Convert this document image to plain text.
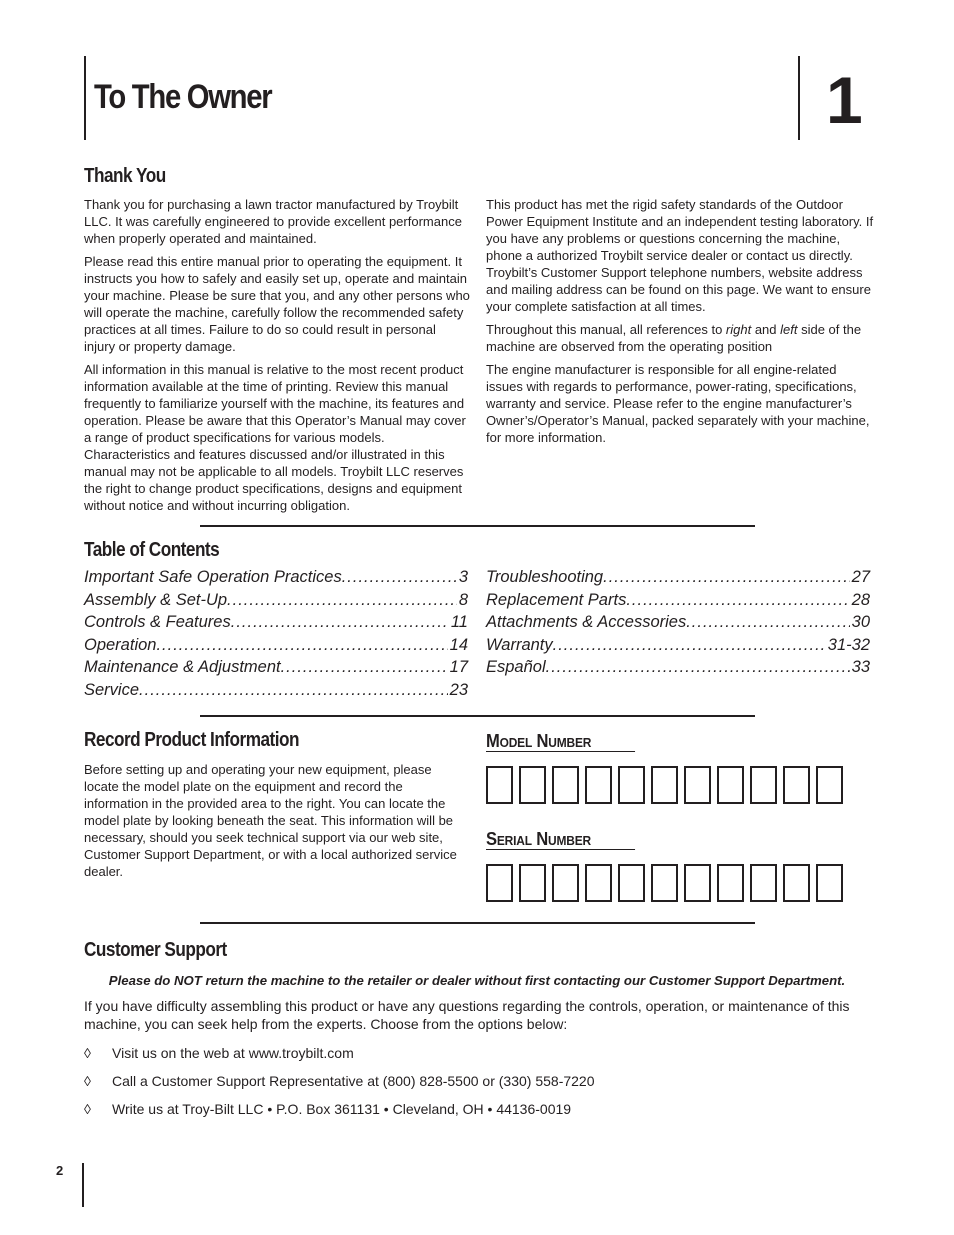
To The Owner	1
Thank You

Thank you for purchasing a lawn tractor manufactured by Troybilt LLC. It was carefully engineered to provide excellent performance when properly operated and maintained.

Please read this entire manual prior to operating the equipment. It instructs you how to safely and easily set up, operate and maintain your machine. Please be sure that you, and any other persons who will operate the machine, carefully follow the recommended safety practices at all times. Failure to do so could result in personal injury or property damage.

All information in this manual is relative to the most recent product information available at the time of printing. Review this manual frequently to familiarize yourself with the machine, its features and operation. Please be aware that this Operator’s Manual may cover a range of product specifications for various models. Characteristics and features discussed and/or illustrated in this manual may not be applicable to all models. Troybilt LLC reserves the right to change product specifications, designs and equipment without notice and without incurring obligation.

This product has met the rigid safety standards of the Outdoor Power Equipment Institute and an independent testing laboratory. If you have any problems or questions concerning the machine, phone a authorized Troybilt service dealer or contact us directly. Troybilt’s Customer Support telephone numbers, website address and mailing address can be found on this page. We want to ensure your complete satisfaction at all times.

Throughout this manual, all references to right and left side of the machine are observed from the operating position

The engine manufacturer is responsible for all engine-related issues with regards to performance, power-rating, specifications, warranty and service. Please refer to the engine manufacturer’s Owner’s/Operator’s Manual, packed separately with your machine, for more information.

Table of Contents
Important Safe Operation Practices .....	3
Assembly & Set-Up .....	8
Controls & Features .....	11
Operation .....	14
Maintenance & Adjustment .....	17
Service .....	23
Troubleshooting .....	27
Replacement Parts .....	28
Attachments & Accessories .....	30
Warranty .....	31-32
Español .....	33
Record Product Information
Before setting up and operating your new equipment, please locate the model plate on the equipment and record the information in the provided area to the right. You can locate the model plate by looking beneath the seat. This information will be necessary, should you seek technical support via our web site, Customer Support Department, or with a local authorized service dealer.
Model Number
Serial Number
Customer Support
Please do NOT return the machine to the retailer or dealer without first contacting our Customer Support Department.
If you have difficulty assembling this product or have any questions regarding the controls, operation, or maintenance of this machine, you can seek help from the experts. Choose from the options below:
◊ Visit us on the web at www.troybilt.com
◊ Call a Customer Support Representative at (800) 828-5500 or (330) 558-7220
◊ Write us at Troy-Bilt LLC • P.O. Box 361131 • Cleveland, OH • 44136-0019
2
